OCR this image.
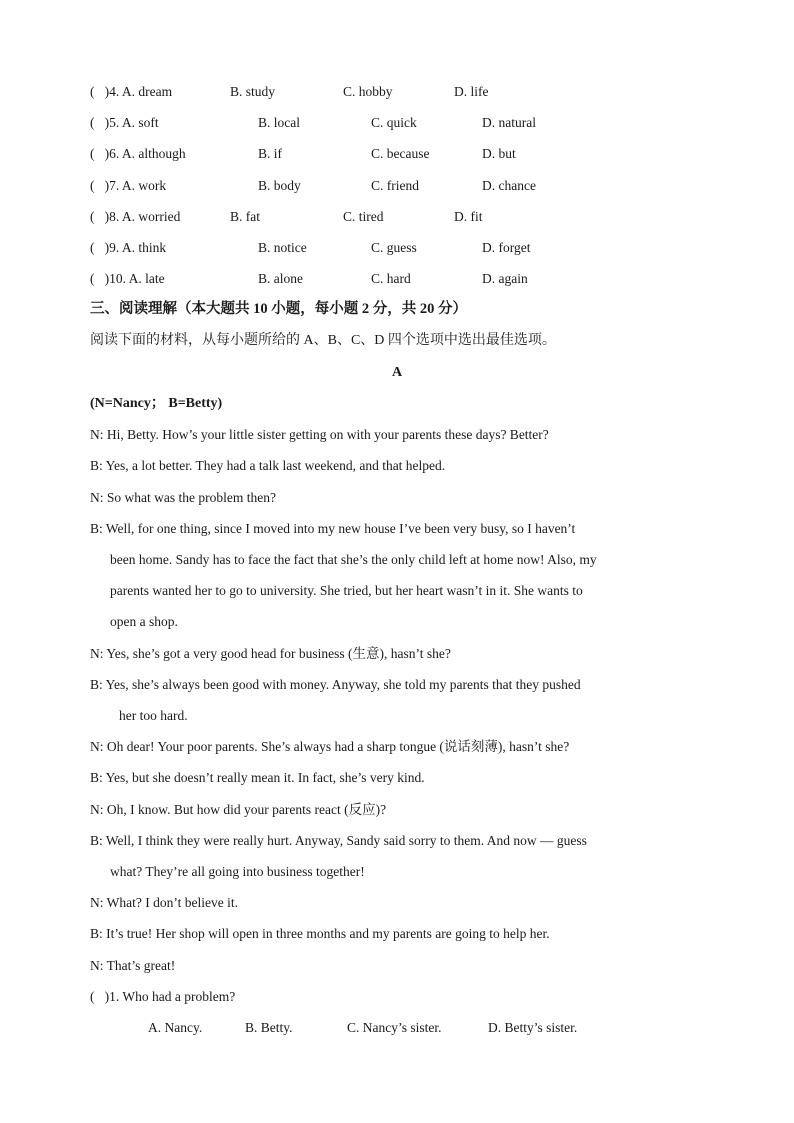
(   )4. A. dream	B. study	C. hobby	D. life
(   )5. A. soft	B. local	C. quick	D. natural
(   )6. A. although	B. if	C. because	D. but
(   )7. A. work	B. body	C. friend	D. chance
(   )8. A. worried	B. fat	C. tired	D. fit
(   )9. A. think	B. notice	C. guess	D. forget
(   )10. A. late	B. alone	C. hard	D. again
三、阅读理解（本大题共 10 小题，每小题 2 分，共 20 分）
阅读下面的材料，从每小题所给的 A、B、C、D 四个选项中选出最佳选项。
A
(N=Nancy； B=Betty)
N: Hi, Betty. How’s your little sister getting on with your parents these days? Better?
B: Yes, a lot better. They had a talk last weekend, and that helped.
N: So what was the problem then?
B: Well, for one thing, since I moved into my new house I’ve been very busy, so I haven’t
been home. Sandy has to face the fact that she’s the only child left at home now! Also, my
parents wanted her to go to university. She tried, but her heart wasn’t in it. She wants to
open a shop.
N: Yes, she’s got a very good head for business (生意), hasn’t she?
B: Yes, she’s always been good with money. Anyway, she told my parents that they pushed
her too hard.
N: Oh dear! Your poor parents. She’s always had a sharp tongue (说话刻薄), hasn’t she?
B: Yes, but she doesn’t really mean it. In fact, she’s very kind.
N: Oh, I know. But how did your parents react (反应)?
B: Well, I think they were really hurt. Anyway, Sandy said sorry to them. And now — guess
what? They’re all going into business together!
N: What? I don’t believe it.
B: It’s true! Her shop will open in three months and my parents are going to help her.
N: That’s great!
(   )1. Who had a problem?
A. Nancy.	B. Betty.	C. Nancy’s sister.	D. Betty’s sister.
